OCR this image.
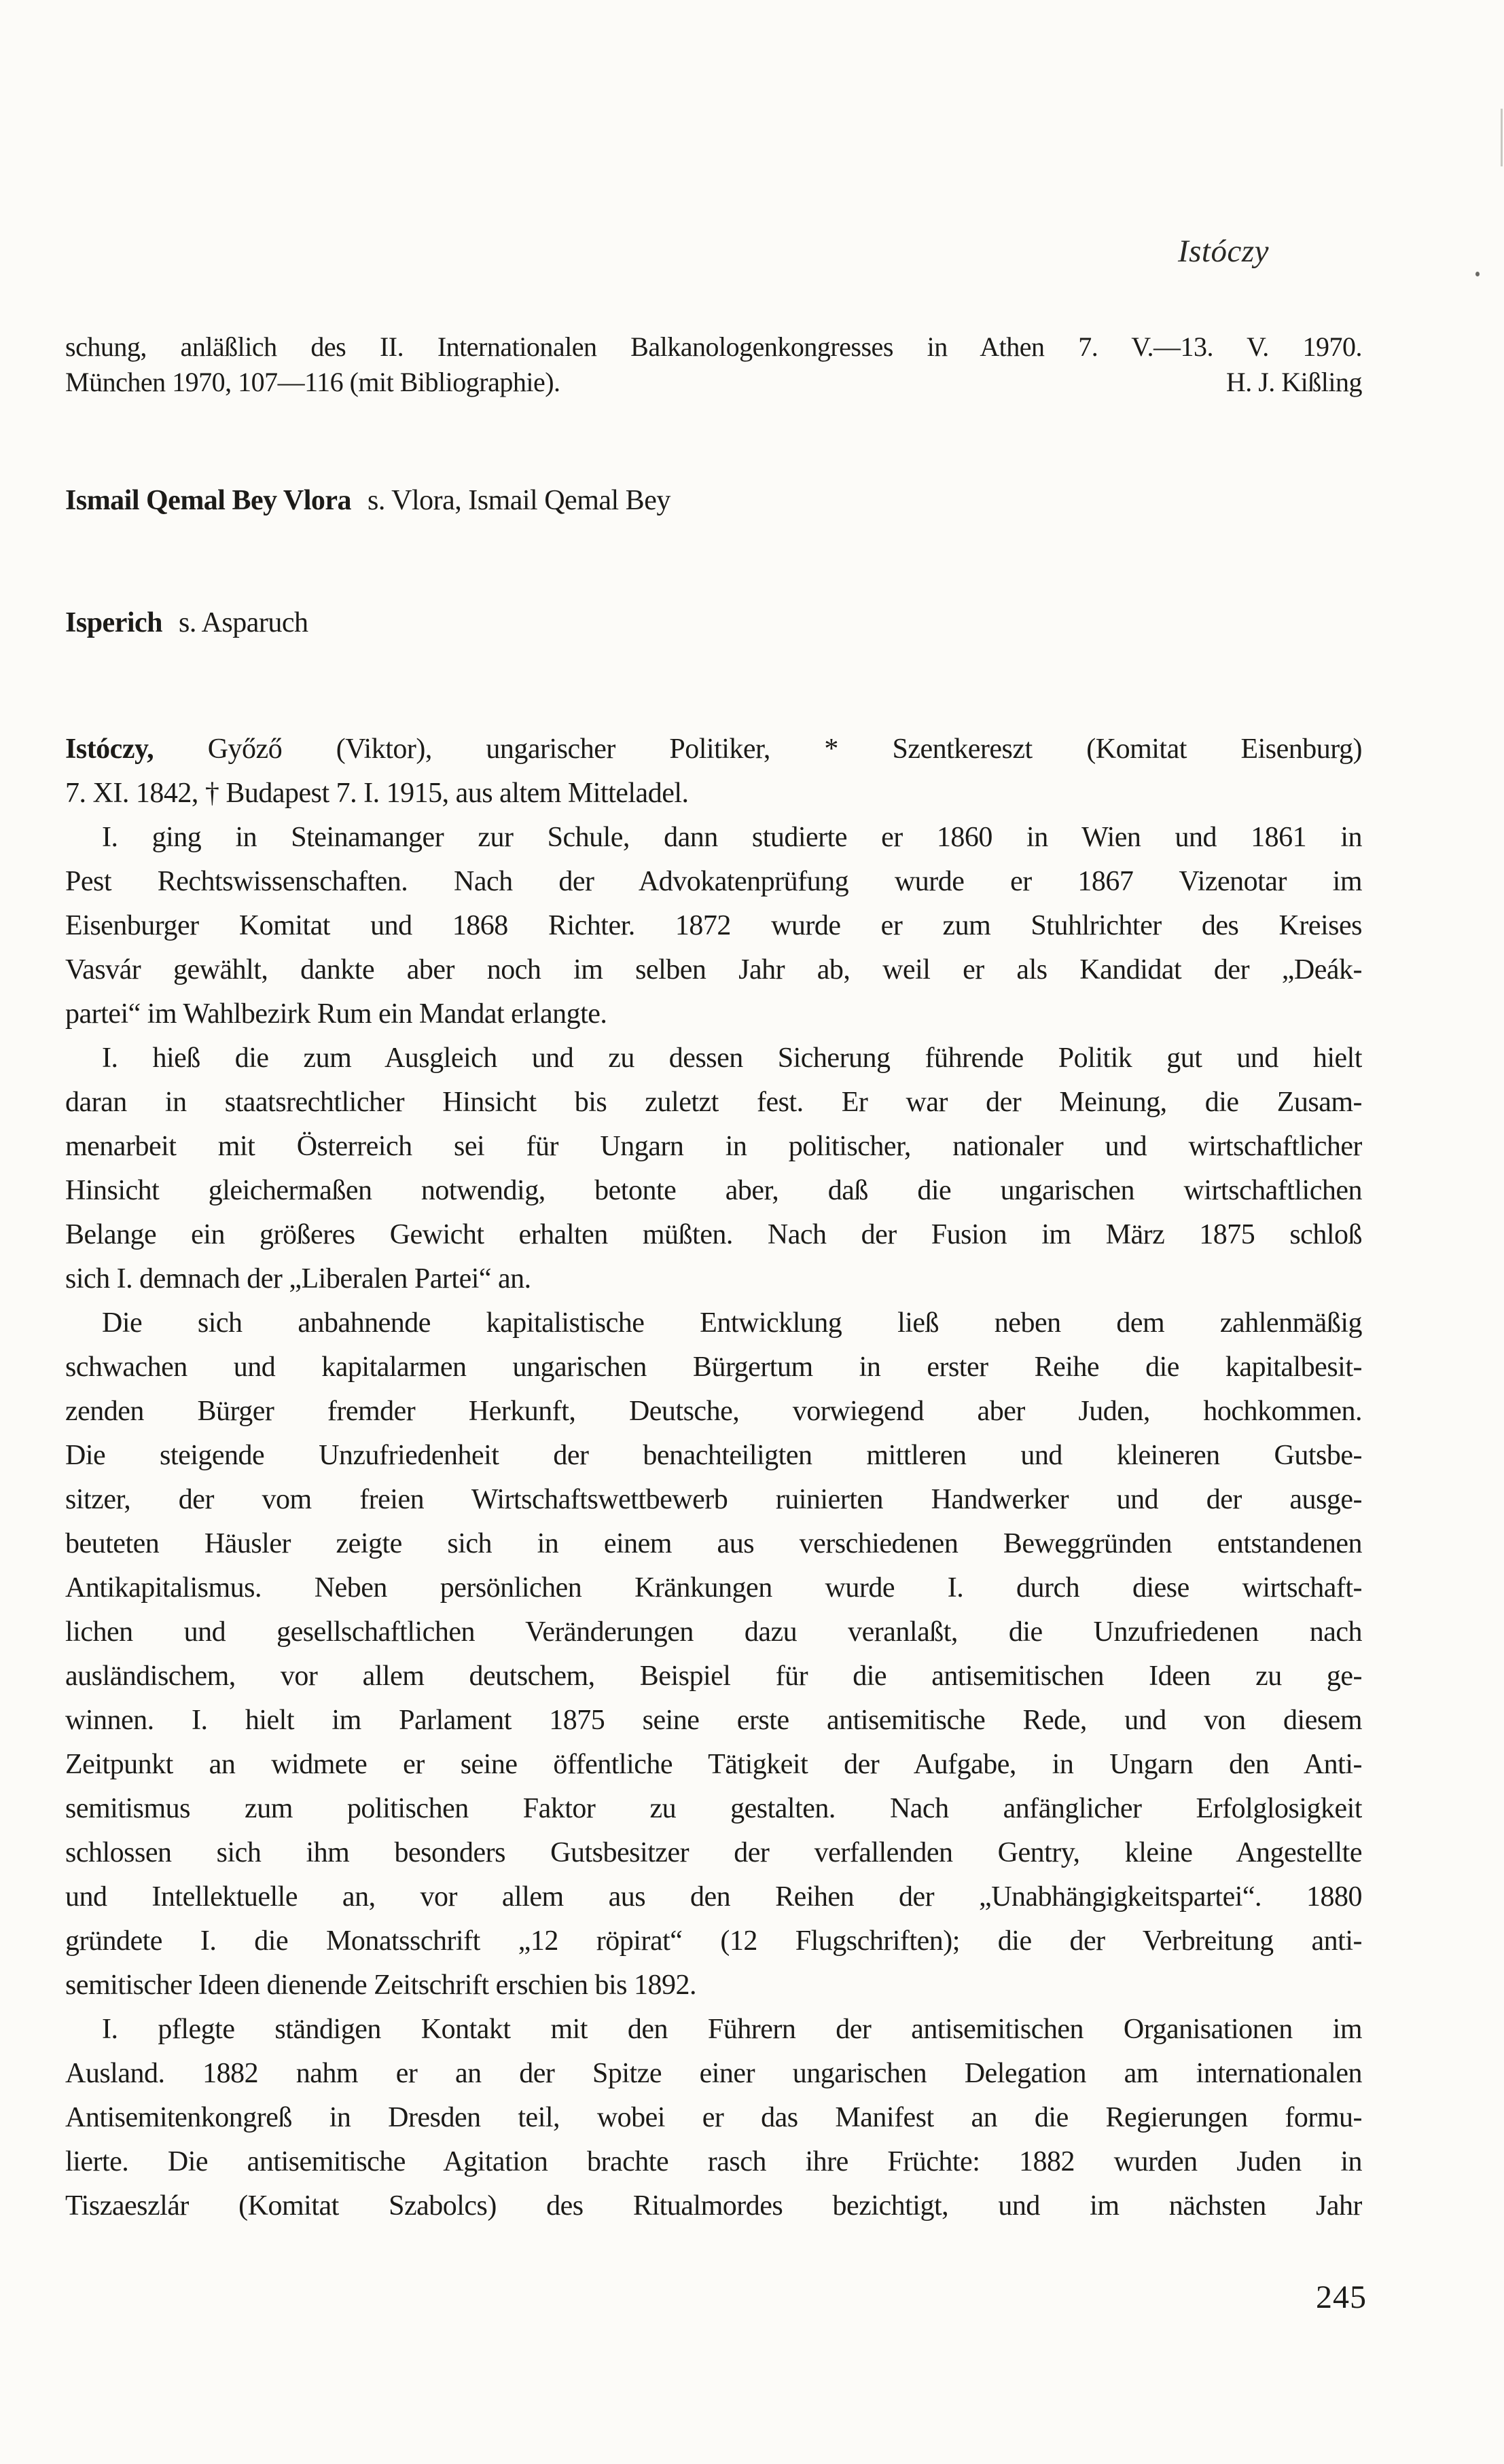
Istóczy
schung, anläßlich des II. Internationalen Balkanologenkongresses in Athen 7. V.—13. V. 1970.
München 1970, 107—116 (mit Bibliographie).	H. J. Kißling
Ismail Qemal Bey Vlora s. Vlora, Ismail Qemal Bey
Isperich s. Asparuch
Istóczy, Győző (Viktor), ungarischer Politiker, * Szentkereszt (Komitat Eisenburg)
7. XI. 1842, † Budapest 7. I. 1915, aus altem Mitteladel.
I. ging in Steinamanger zur Schule, dann studierte er 1860 in Wien und 1861 in
Pest Rechtswissenschaften. Nach der Advokatenprüfung wurde er 1867 Vizenotar im
Eisenburger Komitat und 1868 Richter. 1872 wurde er zum Stuhlrichter des Kreises
Vasvár gewählt, dankte aber noch im selben Jahr ab, weil er als Kandidat der „Deák-
partei“ im Wahlbezirk Rum ein Mandat erlangte.
I. hieß die zum Ausgleich und zu dessen Sicherung führende Politik gut und hielt
daran in staatsrechtlicher Hinsicht bis zuletzt fest. Er war der Meinung, die Zusam-
menarbeit mit Österreich sei für Ungarn in politischer, nationaler und wirtschaftlicher
Hinsicht gleichermaßen notwendig, betonte aber, daß die ungarischen wirtschaftlichen
Belange ein größeres Gewicht erhalten müßten. Nach der Fusion im März 1875 schloß
sich I. demnach der „Liberalen Partei“ an.
Die sich anbahnende kapitalistische Entwicklung ließ neben dem zahlenmäßig
schwachen und kapitalarmen ungarischen Bürgertum in erster Reihe die kapitalbesit-
zenden Bürger fremder Herkunft, Deutsche, vorwiegend aber Juden, hochkommen.
Die steigende Unzufriedenheit der benachteiligten mittleren und kleineren Gutsbe-
sitzer, der vom freien Wirtschaftswettbewerb ruinierten Handwerker und der ausge-
beuteten Häusler zeigte sich in einem aus verschiedenen Beweggründen entstandenen
Antikapitalismus. Neben persönlichen Kränkungen wurde I. durch diese wirtschaft-
lichen und gesellschaftlichen Veränderungen dazu veranlaßt, die Unzufriedenen nach
ausländischem, vor allem deutschem, Beispiel für die antisemitischen Ideen zu ge-
winnen. I. hielt im Parlament 1875 seine erste antisemitische Rede, und von diesem
Zeitpunkt an widmete er seine öffentliche Tätigkeit der Aufgabe, in Ungarn den Anti-
semitismus zum politischen Faktor zu gestalten. Nach anfänglicher Erfolglosigkeit
schlossen sich ihm besonders Gutsbesitzer der verfallenden Gentry, kleine Angestellte
und Intellektuelle an, vor allem aus den Reihen der „Unabhängigkeitspartei“. 1880
gründete I. die Monatsschrift „12 röpirat“ (12 Flugschriften); die der Verbreitung anti-
semitischer Ideen dienende Zeitschrift erschien bis 1892.
I. pflegte ständigen Kontakt mit den Führern der antisemitischen Organisationen im
Ausland. 1882 nahm er an der Spitze einer ungarischen Delegation am internationalen
Antisemitenkongreß in Dresden teil, wobei er das Manifest an die Regierungen formu-
lierte. Die antisemitische Agitation brachte rasch ihre Früchte: 1882 wurden Juden in
Tiszaeszlár (Komitat Szabolcs) des Ritualmordes bezichtigt, und im nächsten Jahr
245
